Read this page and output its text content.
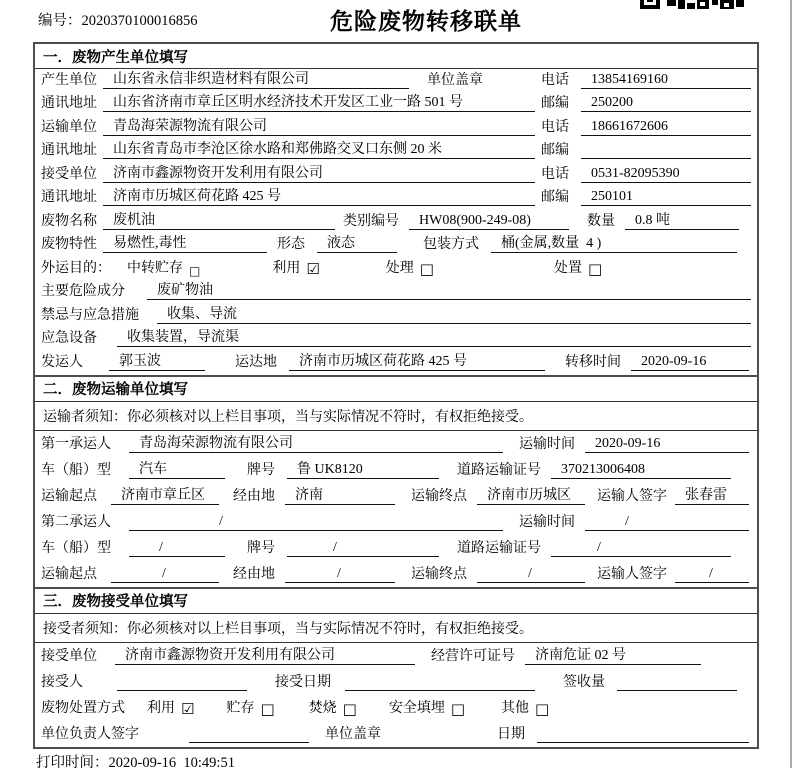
编号：2020370100016856	危险废物转移联单
一．废物产生单位填写
产生单位	山东省永信非织造材料有限公司	单位盖章	电话	13854169160
通讯地址	山东省济南市章丘区明水经济技术开发区工业一路 501 号	邮编	250200
运输单位	青岛海荣源物流有限公司	电话	18661672606
通讯地址	山东省青岛市李沧区徐水路和郑佛路交叉口东侧 20 米	邮编
接受单位	济南市鑫源物资开发利用有限公司	电话	0531-82095390
通讯地址	济南市历城区荷花路 425 号	邮编	250101
废物名称	废机油	类别编号	HW08(900-249-08)	数量	0.8 吨
废物特性	易燃性,毒性	形态	液态	包装方式	桶(金属,数量  4 )
外运目的：	中转贮存 □	利用 ☑	处理 □	处置 □
主要危险成分	废矿物油
禁忌与应急措施	收集、导流
应急设备	收集装置，导流渠
发运人	郭玉波	运达地	济南市历城区荷花路 425 号	转移时间	2020-09-16
二．废物运输单位填写
运输者须知：你必须核对以上栏目事项，当与实际情况不符时，有权拒绝接受。
第一承运人	青岛海荣源物流有限公司	运输时间	2020-09-16
车（船）型	汽车	牌号	鲁 UK8120	道路运输证号	370213006408
运输起点	济南市章丘区	经由地	济南	运输终点	济南市历城区	运输人签字	张春雷
第二承运人	/	运输时间	/
车（船）型	/	牌号	/	道路运输证号	/
运输起点	/	经由地	/	运输终点	/	运输人签字	/
三．废物接受单位填写
接受者须知：你必须核对以上栏目事项，当与实际情况不符时，有权拒绝接受。
接受单位	济南市鑫源物资开发利用有限公司	经营许可证号	济南危证 02 号
接受人	接受日期	签收量
废物处置方式	利用 ☑ 贮存 □ 焚烧 □ 安全填埋 □	其他 □
单位负责人签字	单位盖章	日期
打印时间：2020-09-16  10:49:51
